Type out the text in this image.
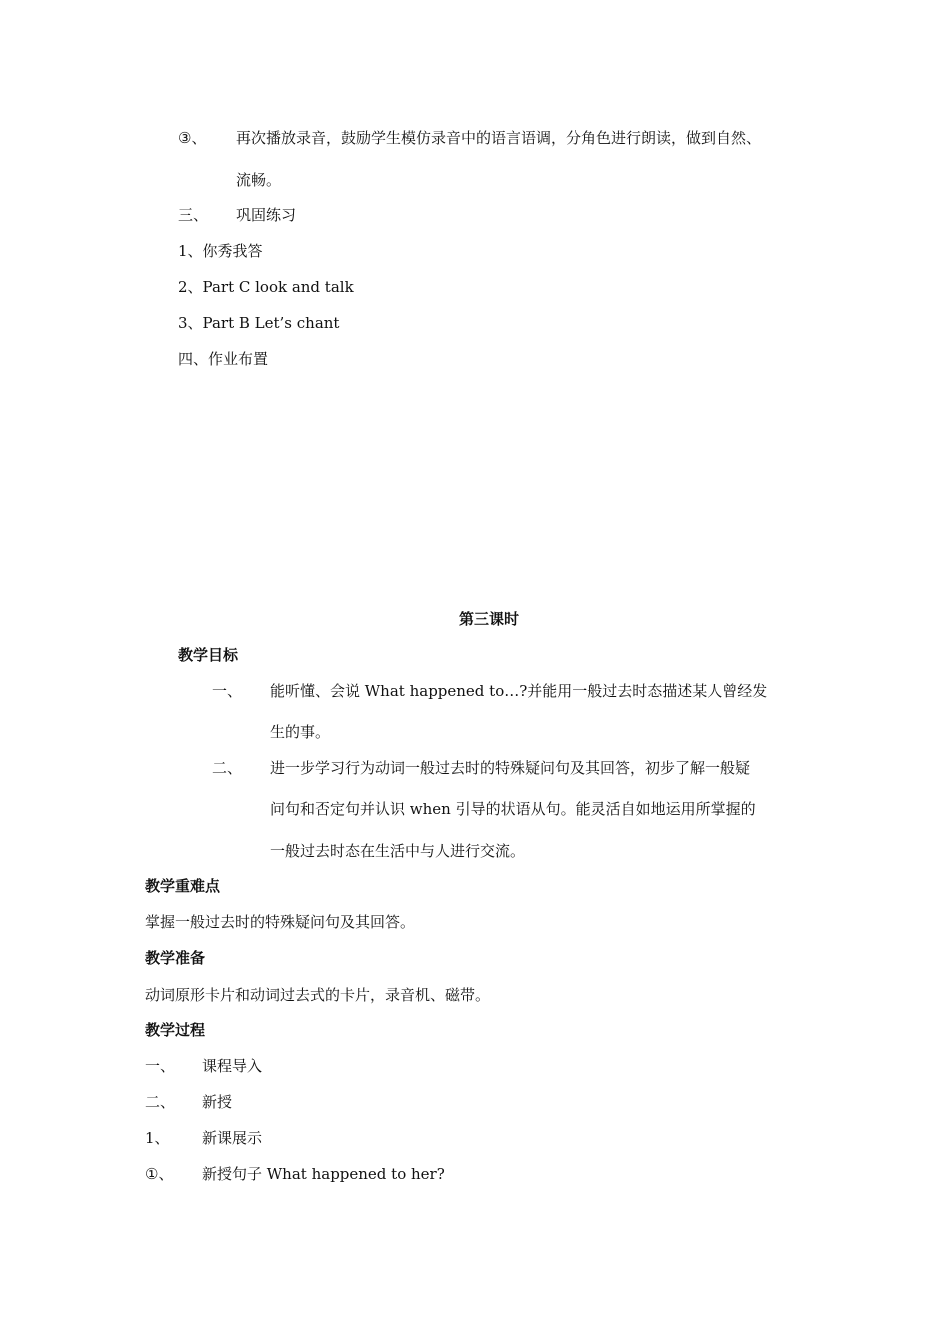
③、 再次播放录音，鼓励学生模仿录音中的语言语调，分角色进行朗读，做到自然、
流畅。
三、 巩固练习
1、你秀我答
2、Part C look and talk
3、Part B Let’s chant
四、作业布置
第三课时
教学目标
一、 能听懂、会说 What happened to…?并能用一般过去时态描述某人曾经发
生的事。
二、 进一步学习行为动词一般过去时的特殊疑问句及其回答，初步了解一般疑
问句和否定句并认识 when 引导的状语从句。能灵活自如地运用所掌握的
一般过去时态在生活中与人进行交流。
教学重难点
掌握一般过去时的特殊疑问句及其回答。
教学准备
动词原形卡片和动词过去式的卡片，录音机、磁带。
教学过程
一、 课程导入
二、 新授
1、 新课展示
①、 新授句子 What happened to her?
